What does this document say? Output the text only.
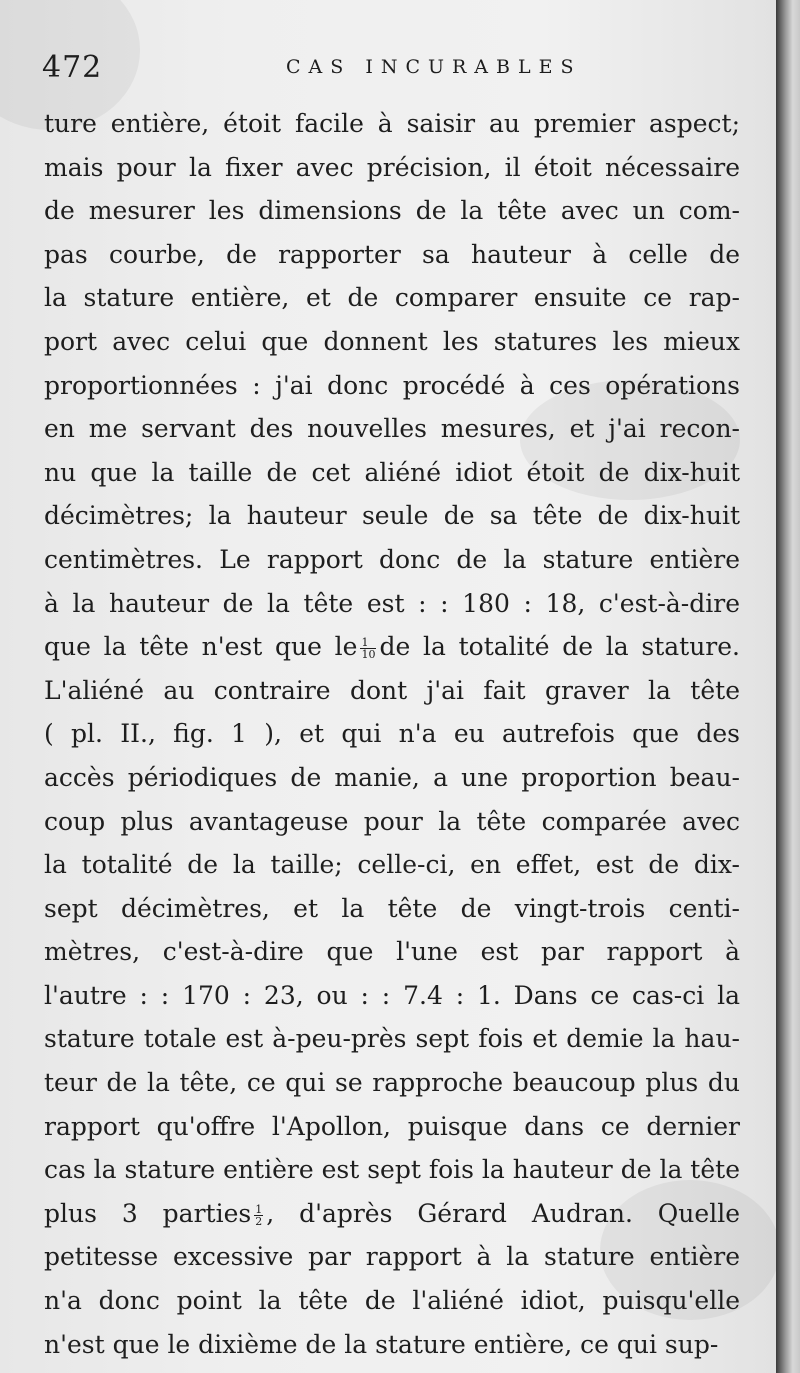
472	CAS INCURABLES
ture entière, étoit facile à saisir au premier aspect;
mais pour la fixer avec précision, il étoit nécessaire
de mesurer les dimensions de la tête avec un com-
pas courbe, de rapporter sa hauteur à celle de
la stature entière, et de comparer ensuite ce rap-
port avec celui que donnent les statures les mieux
proportionnées : j'ai donc procédé à ces opérations
en me servant des nouvelles mesures, et j'ai recon-
nu que la taille de cet aliéné idiot étoit de dix-huit
décimètres; la hauteur seule de sa tête de dix-huit
centimètres. Le rapport donc de la stature entière
à la hauteur de la tête est : : 180 : 18, c'est-à-dire
que la tête n'est que le $\frac{1}{10}$ de la totalité de la stature.
L'aliéné au contraire dont j'ai fait graver la tête
( pl. II., fig. 1 ), et qui n'a eu autrefois que des
accès périodiques de manie, a une proportion beau-
coup plus avantageuse pour la tête comparée avec
la totalité de la taille; celle-ci, en effet, est de dix-
sept décimètres, et la tête de vingt-trois centi-
mètres, c'est-à-dire que l'une est par rapport à
l'autre : : 170 : 23, ou : : 7.4 : 1. Dans ce cas-ci la
stature totale est à-peu-près sept fois et demie la hau-
teur de la tête, ce qui se rapproche beaucoup plus du
rapport qu'offre l'Apollon, puisque dans ce dernier
cas la stature entière est sept fois la hauteur de la tête
plus 3 parties $\frac{1}{2}$ , d'après Gérard Audran. Quelle
petitesse excessive par rapport à la stature entière
n'a donc point la tête de l'aliéné idiot, puisqu'elle
n'est que le dixième de la stature entière, ce qui sup-
